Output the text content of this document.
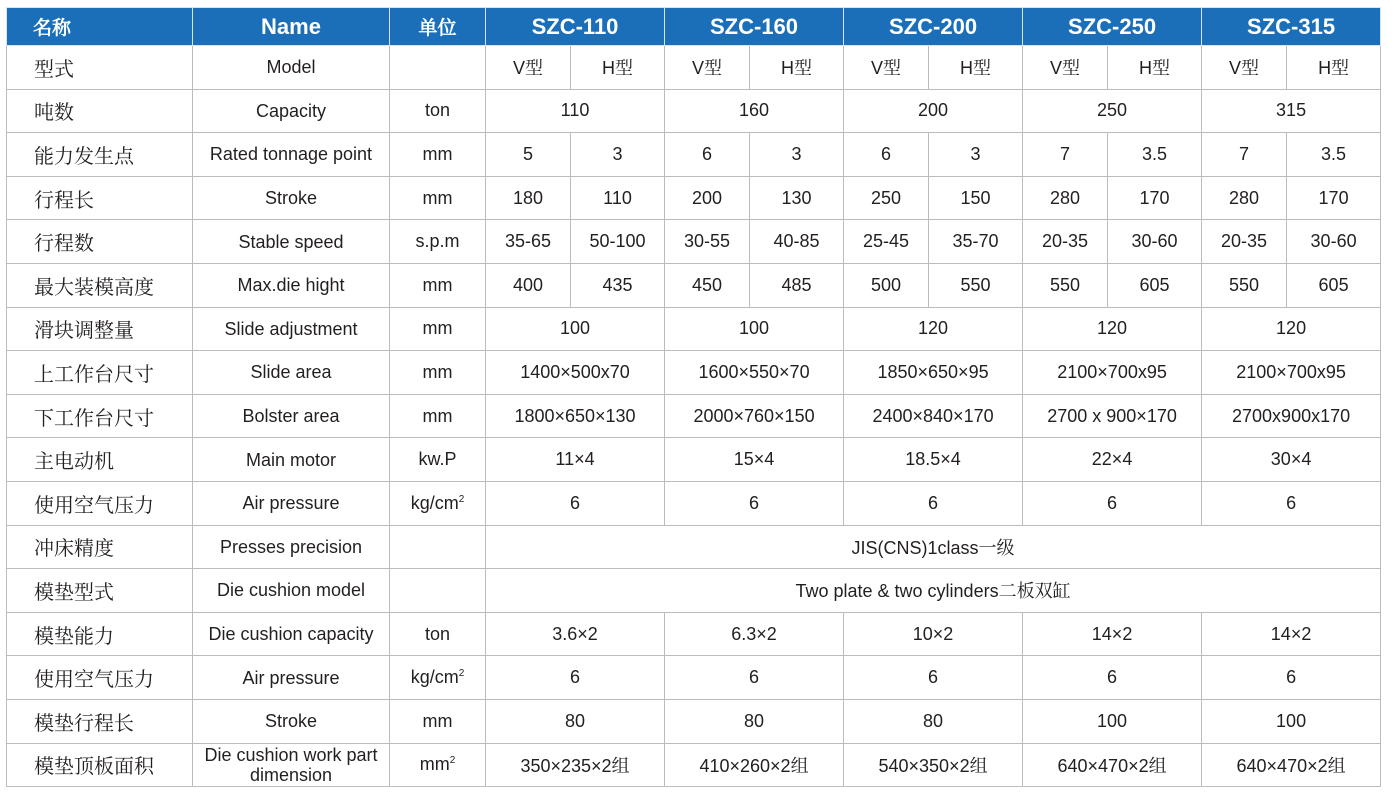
名称	Name	单位	SZC-110		SZC-160		SZC-200		SZC-250		SZC-315	
型式	Model		V型	H型	V型	H型	V型	H型	V型	H型	V型	H型
吨数	Capacity	ton	110		160		200		250		315	
能力发生点	Rated tonnage point	mm	5	3	6	3	6	3	7	3.5	7	3.5
行程长	Stroke	mm	180	110	200	130	250	150	280	170	280	170
行程数	Stable speed	s.p.m	35-65	50-100	30-55	40-85	25-45	35-70	20-35	30-60	20-35	30-60
最大装模高度	Max.die hight	mm	400	435	450	485	500	550	550	605	550	605
滑块调整量	Slide adjustment	mm	100		100		120		120		120	
上工作台尺寸	Slide area	mm	1400×500x70		1600×550×70		1850×650×95		2100×700x95		2100×700x95	
下工作台尺寸	Bolster area	mm	1800×650×130		2000×760×150		2400×840×170		2700 x 900×170		2700x900x170	
主电动机	Main motor	kw.P	11×4		15×4		18.5×4		22×4		30×4	
使用空气压力	Air pressure	$kg/cm^2$	6		6		6		6		6	
冲床精度	Presses precision		JIS(CNS)1class一级									
模垫型式	Die cushion model		Two plate & two cylinders二板双缸									
模垫能力	Die cushion capacity	ton	3.6×2		6.3×2		10×2		14×2		14×2	
使用空气压力	Air pressure	$kg/cm^2$	6		6		6		6		6	
模垫行程长	Stroke	mm	80		80		80		100		100	
模垫顶板面积	Die cushion work part dimension	$mm^2$	350×235×2组		410×260×2组		540×350×2组		640×470×2组		640×470×2组	
